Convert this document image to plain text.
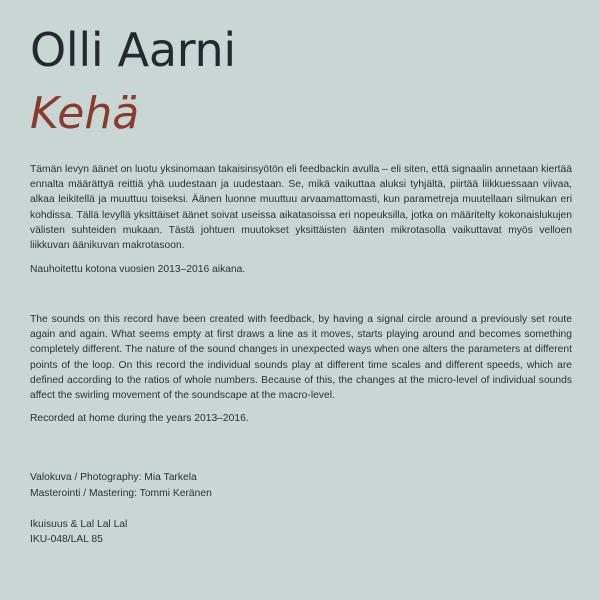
Olli Aarni
Kehä

Tämän levyn äänet on luotu yksinomaan takaisinsyötön eli feedbackin avulla – eli siten, että signaalin annetaan kiertää ennalta määrättyä reittiä yhä uudestaan ja uudestaan. Se, mikä vaikuttaa aluksi tyhjältä, piirtää liikkuessaan viivaa, alkaa leikitellä ja muuttuu toiseksi. Äänen luonne muuttuu arvaamattomasti, kun parametreja muutellaan silmukan eri kohdissa. Tällä levyllä yksittäiset äänet soivat useissa aikatasoissa eri nopeuksilla, jotka on määritelty kokonaislukujen välisten suhteiden mukaan. Tästä johtuen muutokset yksittäisten äänten mikrotasolla vaikuttavat myös velloen liikkuvan äänikuvan makrotasoon.

Nauhoitettu kotona vuosien 2013–2016 aikana.

The sounds on this record have been created with feedback, by having a signal circle around a previously set route again and again. What seems empty at first draws a line as it moves, starts playing around and becomes something completely different. The nature of the sound changes in unexpected ways when one alters the parameters at different points of the loop. On this record the individual sounds play at different time scales and different speeds, which are defined according to the ratios of whole numbers. Because of this, the changes at the micro-level of individual sounds affect the swirling movement of the soundscape at the macro-level.

Recorded at home during the years 2013–2016.

Valokuva / Photography: Mia Tarkela

Masterointi / Mastering: Tommi Keränen

Ikuisuus & Lal Lal Lal

IKU-048/LAL 85
